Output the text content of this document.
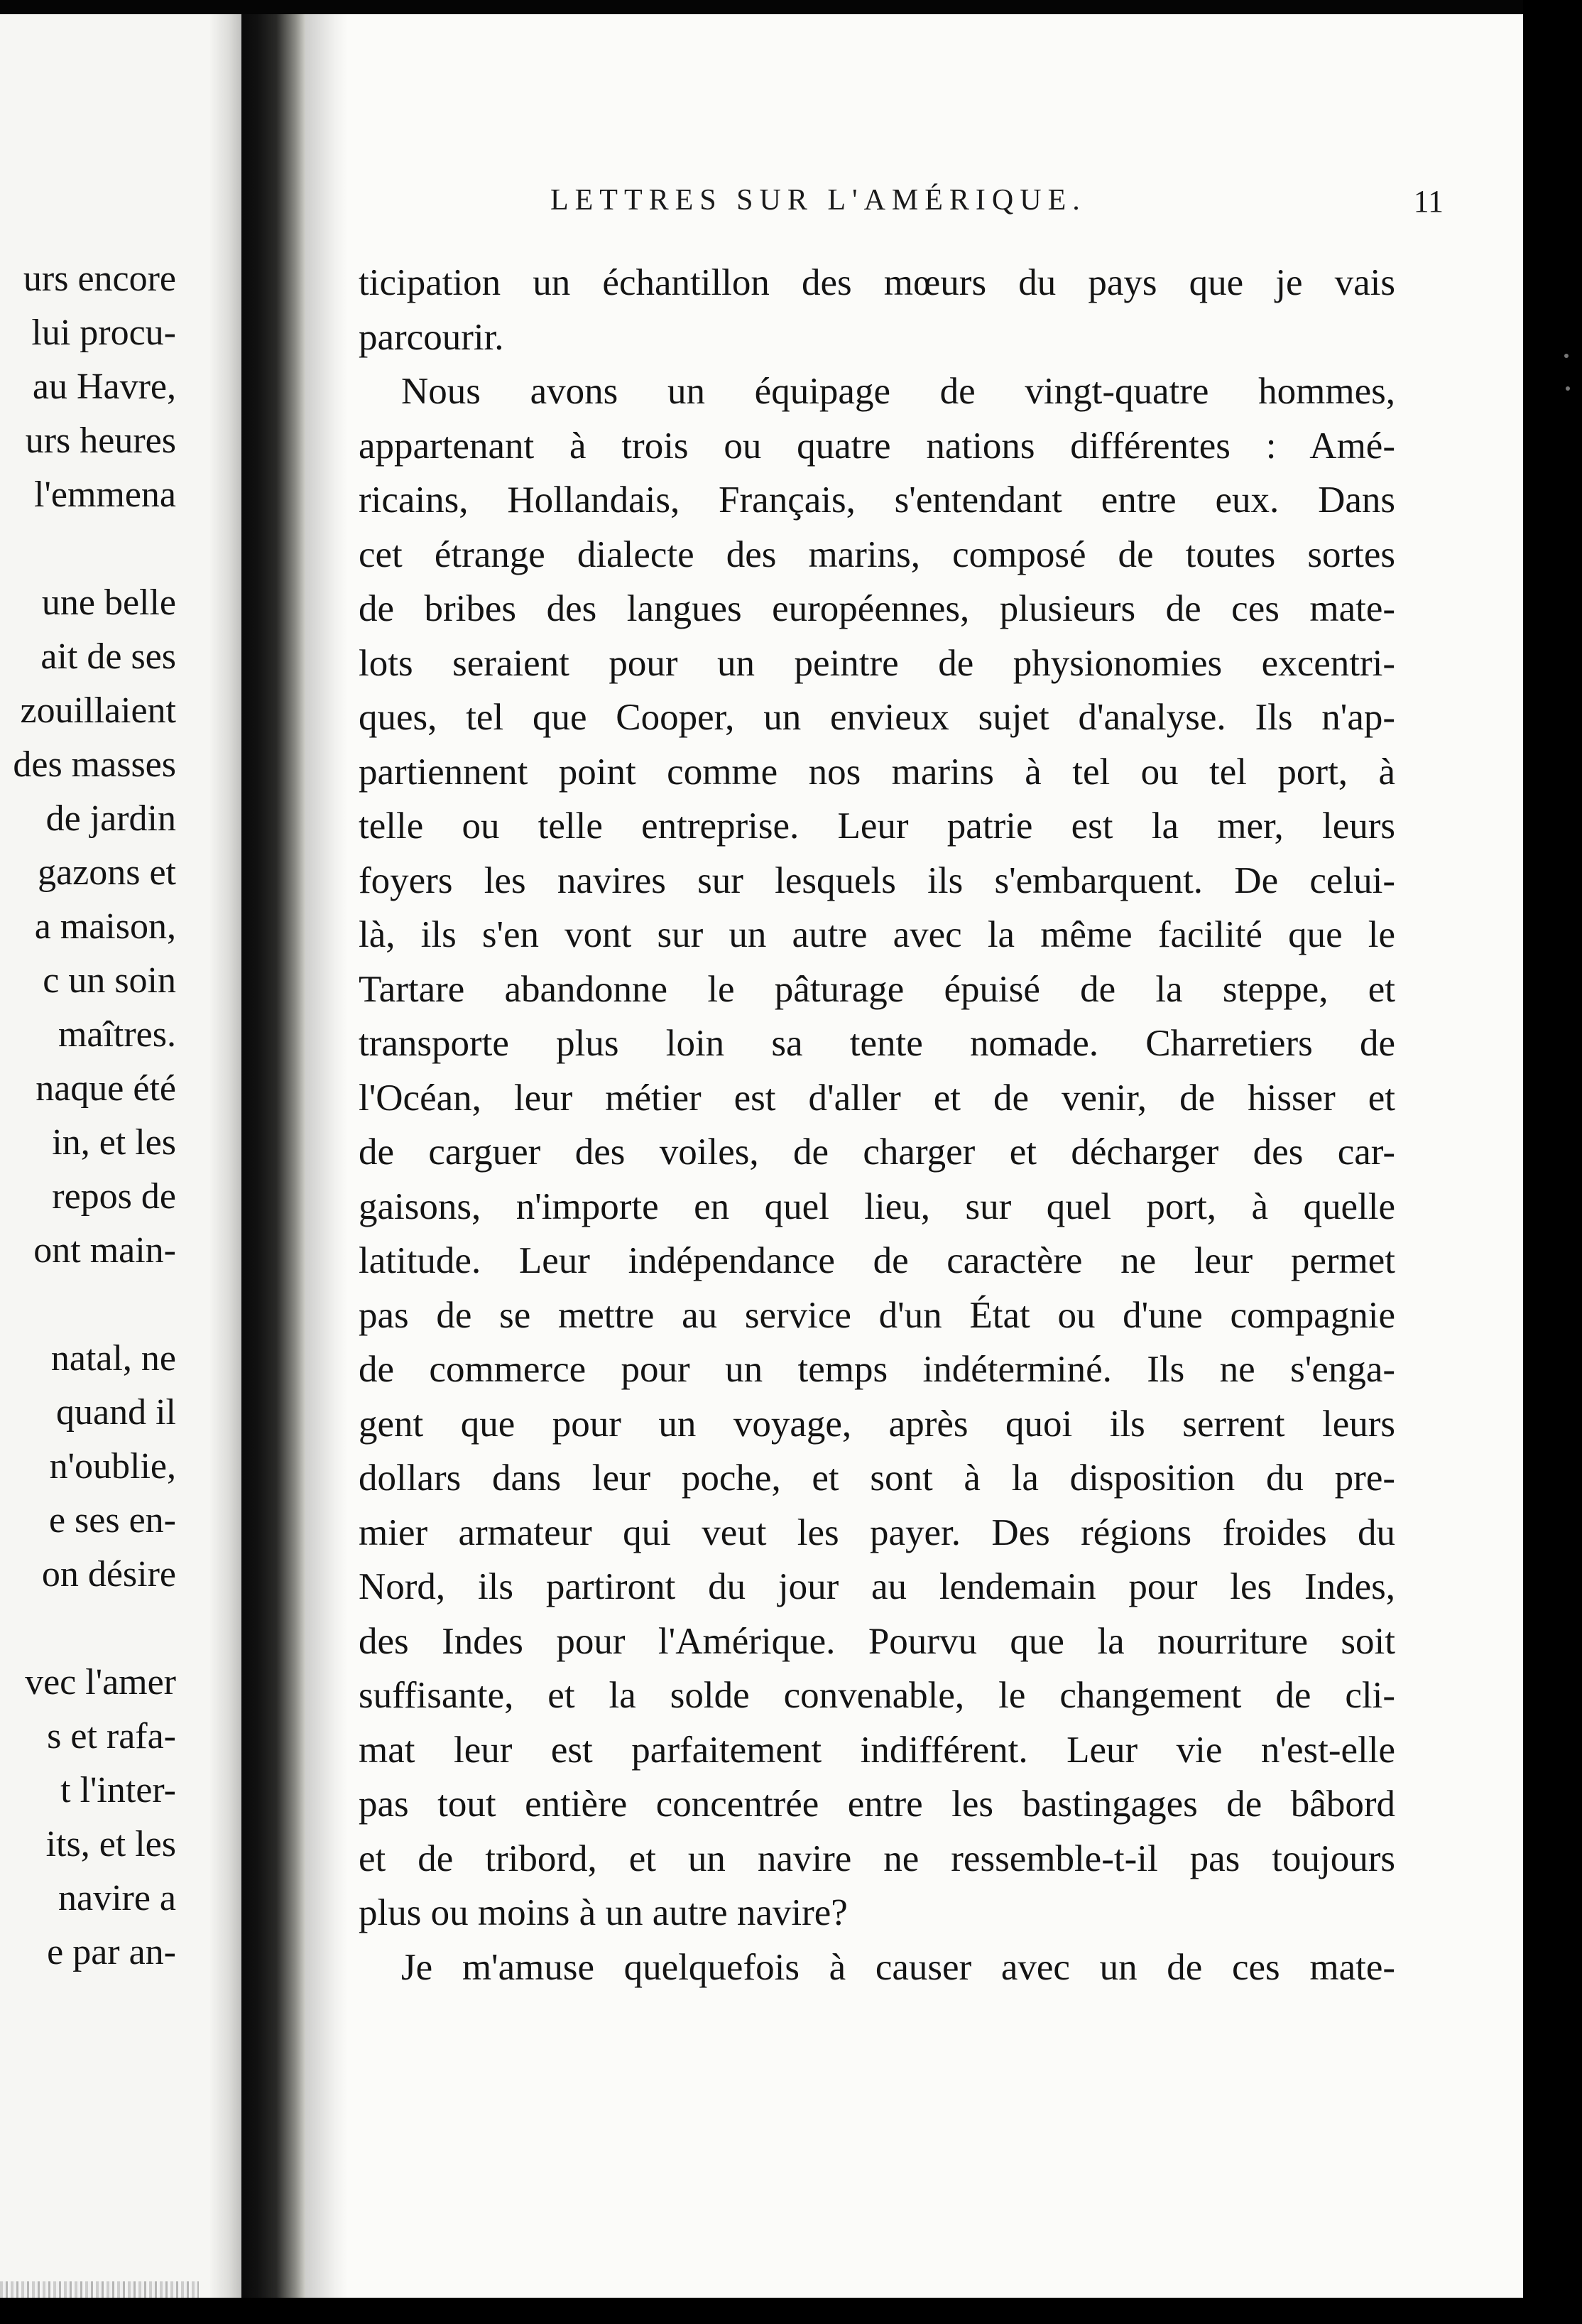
urs encore
lui procu-
au Havre,
urs heures
l'emmena
une belle
ait de ses
zouillaient
des masses
de jardin
gazons et
a maison,
c un soin
maîtres.
naque été
in, et les
repos de
ont main-
natal, ne
quand il
n'oublie,
e ses en-
on désire
vec l'amer
s et rafa-
t l'inter-
its, et les
navire a
e par an-
LETTRES SUR L'AMÉRIQUE.	11
ticipation un échantillon des mœurs du pays que je vais
parcourir.
Nous avons un équipage de vingt-quatre hommes,
appartenant à trois ou quatre nations différentes : Amé-
ricains, Hollandais, Français, s'entendant entre eux. Dans
cet étrange dialecte des marins, composé de toutes sortes
de bribes des langues européennes, plusieurs de ces mate-
lots seraient pour un peintre de physionomies excentri-
ques, tel que Cooper, un envieux sujet d'analyse. Ils n'ap-
partiennent point comme nos marins à tel ou tel port, à
telle ou telle entreprise. Leur patrie est la mer, leurs
foyers les navires sur lesquels ils s'embarquent. De celui-
là, ils s'en vont sur un autre avec la même facilité que le
Tartare abandonne le pâturage épuisé de la steppe, et
transporte plus loin sa tente nomade. Charretiers de
l'Océan, leur métier est d'aller et de venir, de hisser et
de carguer des voiles, de charger et décharger des car-
gaisons, n'importe en quel lieu, sur quel port, à quelle
latitude. Leur indépendance de caractère ne leur permet
pas de se mettre au service d'un État ou d'une compagnie
de commerce pour un temps indéterminé. Ils ne s'enga-
gent que pour un voyage, après quoi ils serrent leurs
dollars dans leur poche, et sont à la disposition du pre-
mier armateur qui veut les payer. Des régions froides du
Nord, ils partiront du jour au lendemain pour les Indes,
des Indes pour l'Amérique. Pourvu que la nourriture soit
suffisante, et la solde convenable, le changement de cli-
mat leur est parfaitement indifférent. Leur vie n'est-elle
pas tout entière concentrée entre les bastingages de bâbord
et de tribord, et un navire ne ressemble-t-il pas toujours
plus ou moins à un autre navire?
Je m'amuse quelquefois à causer avec un de ces mate-
